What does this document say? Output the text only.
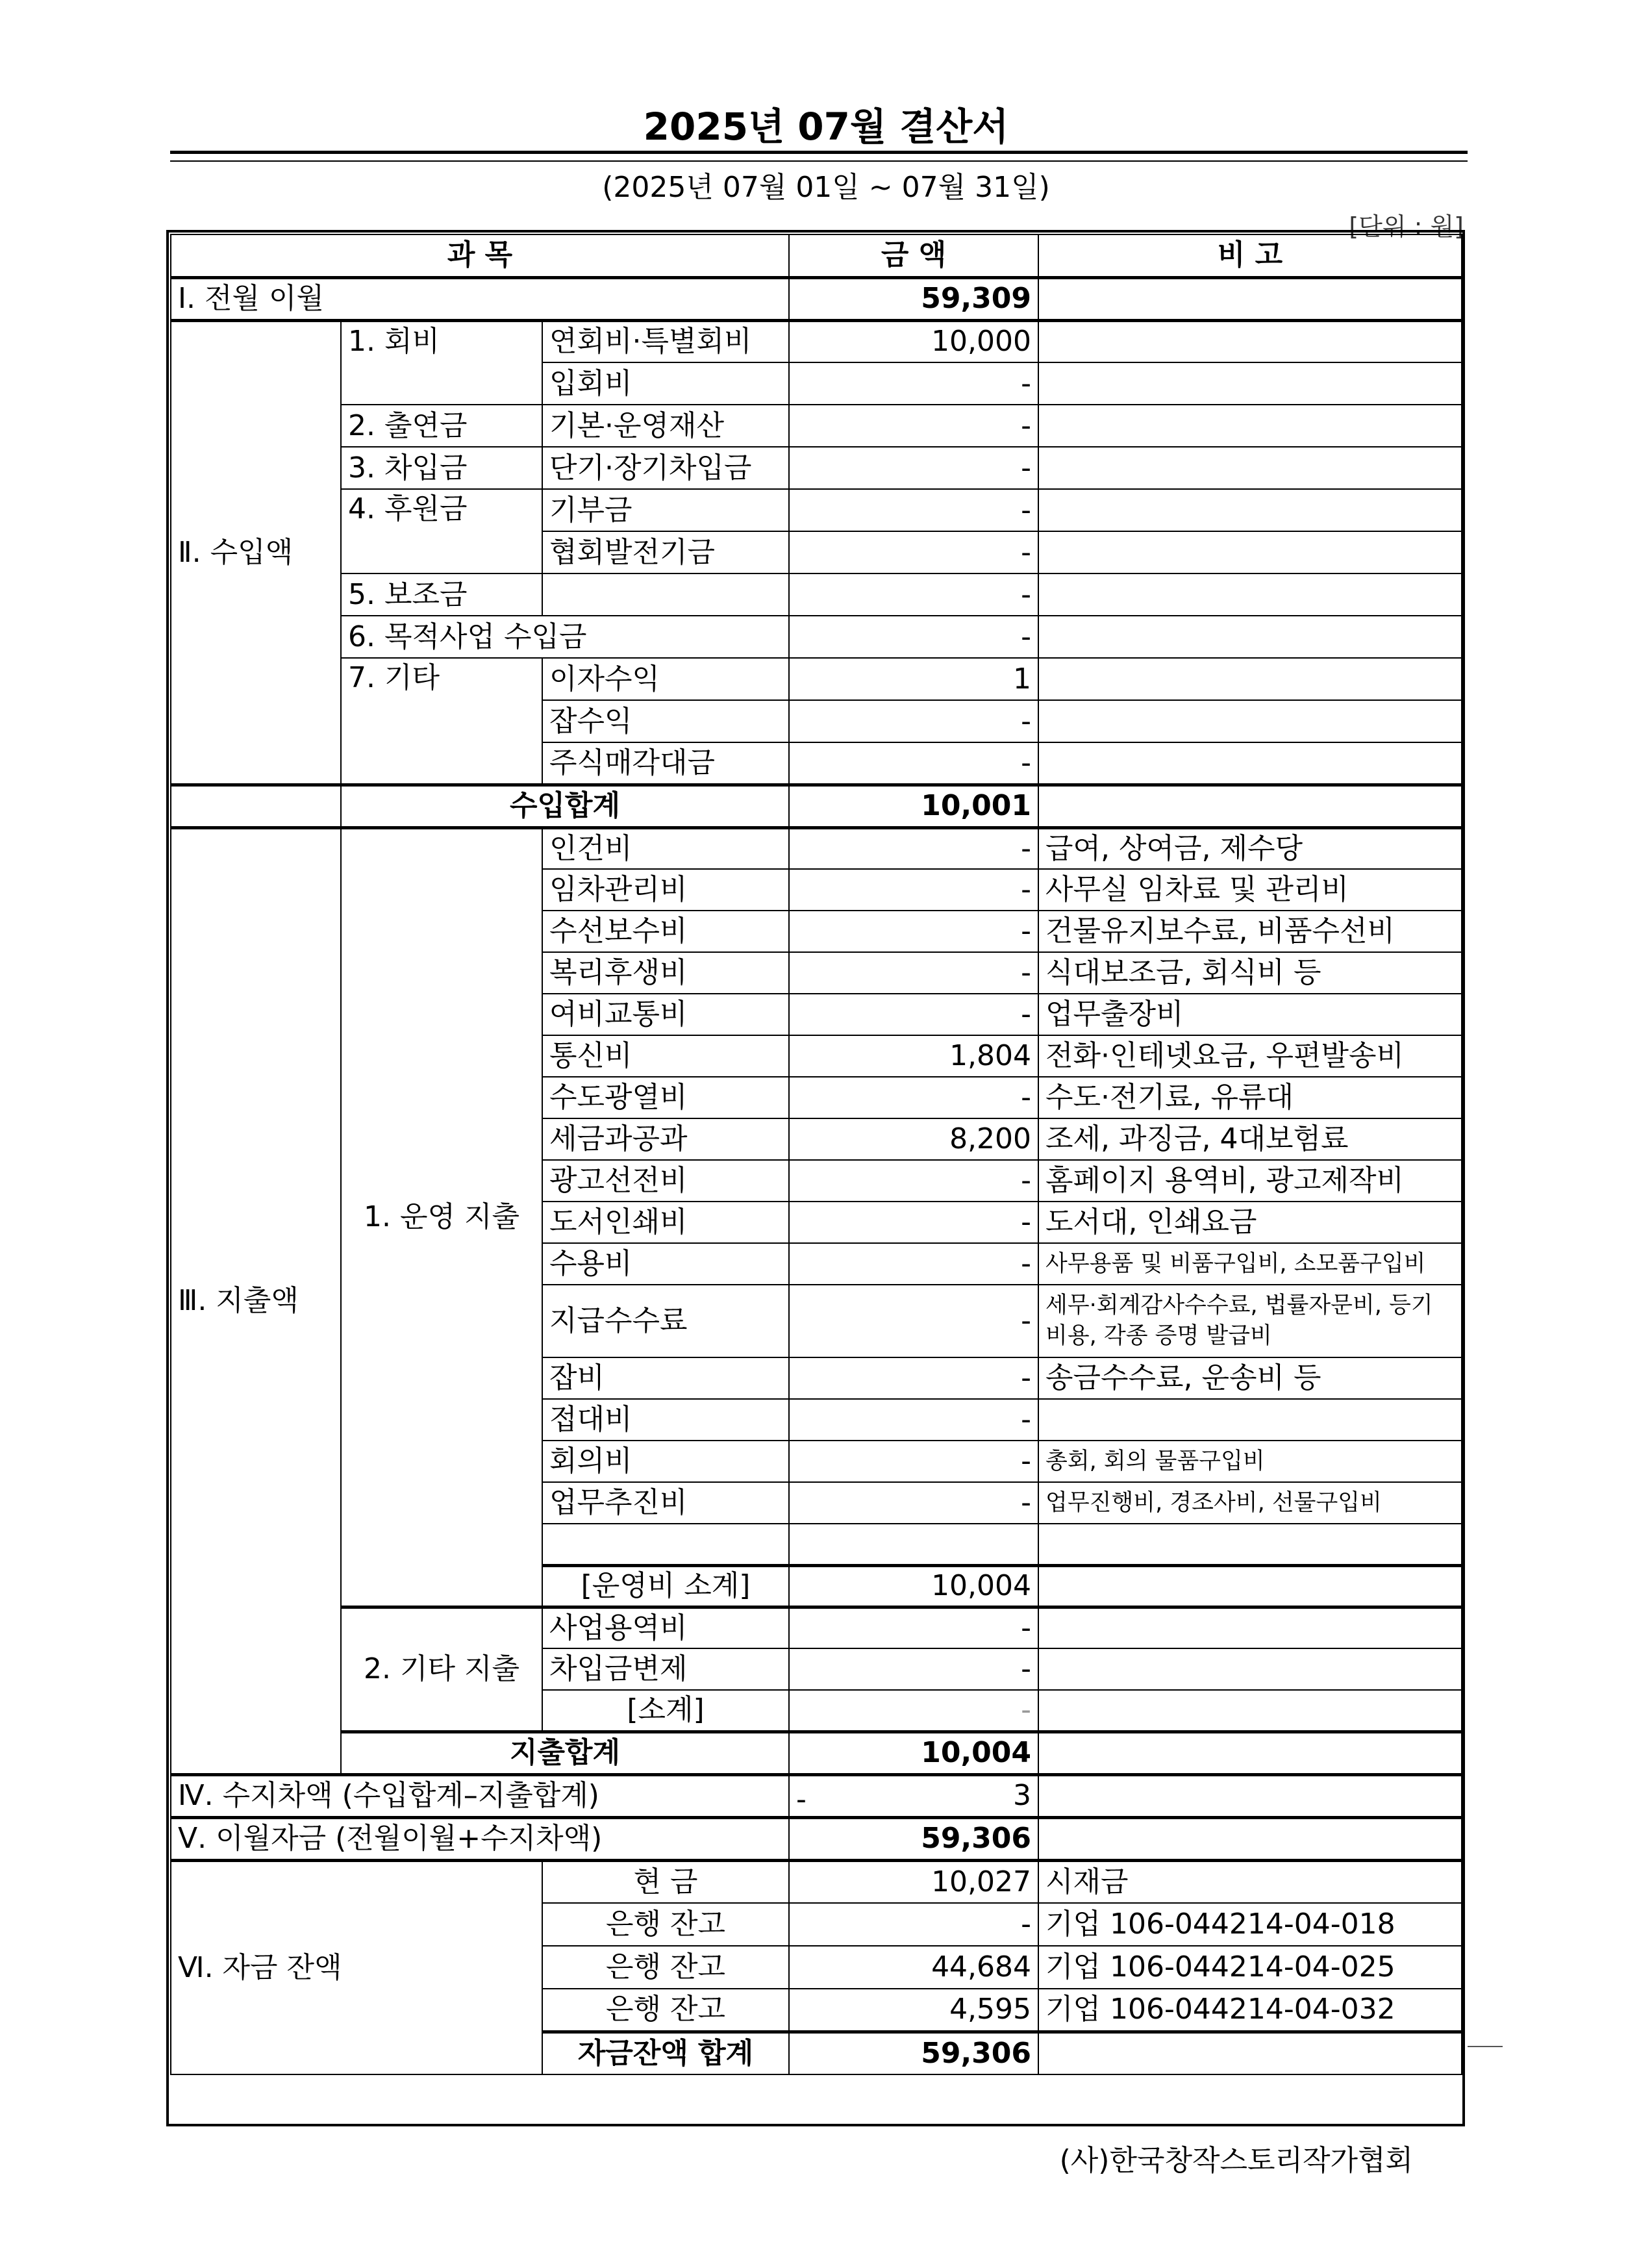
2025년 07월 결산서
(2025년 07월 01일 ~ 07월 31일)
[단위 : 원]
과 목			금 액	비 고
Ⅰ. 전월 이월			59,309	
Ⅱ. 수입액	1. 회비	연회비·특별회비	10,000	
		입회비	-	
	2. 출연금	기본·운영재산	-	
	3. 차입금	단기·장기차입금	-	
	4. 후원금	기부금	-	
		협회발전기금	-	
	5. 보조금		-	
	6. 목적사업 수입금		-	
	7. 기타	이자수익	1	
		잡수익	-	
		주식매각대금	-	
	수입합계		10,001	
Ⅲ. 지출액	1. 운영 지출	인건비	-	급여, 상여금, 제수당
		임차관리비	-	사무실 임차료 및 관리비
		수선보수비	-	건물유지보수료, 비품수선비
		복리후생비	-	식대보조금, 회식비 등
		여비교통비	-	업무출장비
		통신비	1,804	전화·인테넷요금, 우편발송비
		수도광열비	-	수도·전기료, 유류대
		세금과공과	8,200	조세, 과징금, 4대보험료
		광고선전비	-	홈페이지 용역비, 광고제작비
		도서인쇄비	-	도서대, 인쇄요금
		수용비	-	사무용품 및 비품구입비, 소모품구입비
		지급수수료	-	세무·회계감사수수료, 법률자문비, 등기비용, 각종 증명 발급비
		잡비	-	송금수수료, 운송비 등
		접대비	-	
		회의비	-	총회, 회의 물품구입비
		업무추진비	-	업무진행비, 경조사비, 선물구입비

		[운영비 소계]	10,004	
	2. 기타 지출	사업용역비	-	
		차입금변제	-	
		[소계]	-	
	지출합계		10,004	
Ⅳ. 수지차액 (수입합계–지출합계)			- 3	
Ⅴ. 이월자금 (전월이월+수지차액)			59,306	
Ⅵ. 자금 잔액		현 금	10,027	시재금
		은행 잔고	-	기업 106-044214-04-018
		은행 잔고	44,684	기업 106-044214-04-025
		은행 잔고	4,595	기업 106-044214-04-032
		자금잔액 합계	59,306	
(사)한국창작스토리작가협회
